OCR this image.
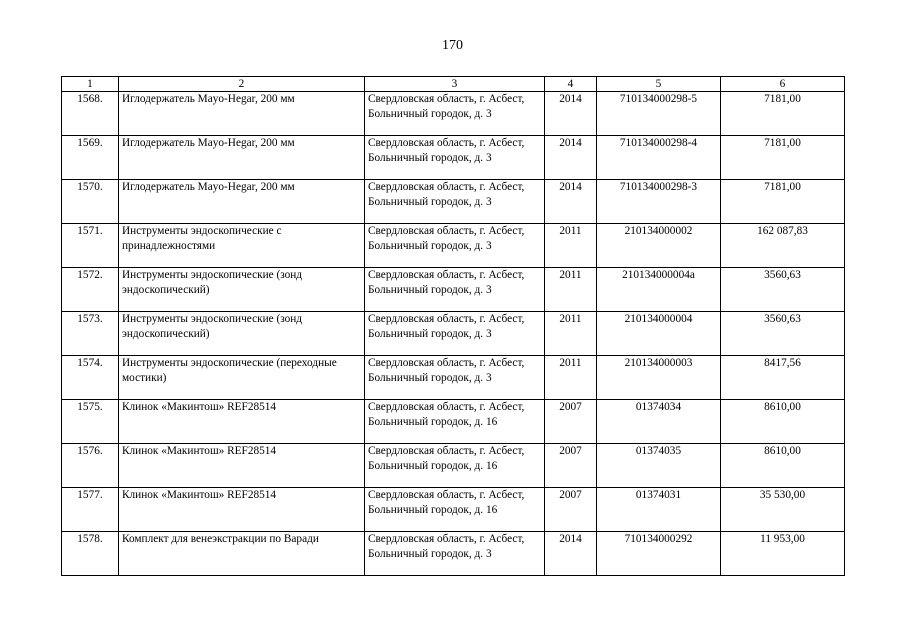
170
1	2	3	4	5	6
1568.	Иглодержатель Mayo-Hegar, 200 мм	Свердловская область, г. Асбест, Больничный городок, д. 3	2014	710134000298-5	7181,00
1569.	Иглодержатель Mayo-Hegar, 200 мм	Свердловская область, г. Асбест, Больничный городок, д. 3	2014	710134000298-4	7181,00
1570.	Иглодержатель Mayo-Hegar, 200 мм	Свердловская область, г. Асбест, Больничный городок, д. 3	2014	710134000298-3	7181,00
1571.	Инструменты эндоскопические с принадлежностями	Свердловская область, г. Асбест, Больничный городок, д. 3	2011	210134000002	162 087,83
1572.	Инструменты эндоскопические (зонд эндоскопический)	Свердловская область, г. Асбест, Больничный городок, д. 3	2011	210134000004а	3560,63
1573.	Инструменты эндоскопические (зонд эндоскопический)	Свердловская область, г. Асбест, Больничный городок, д. 3	2011	210134000004	3560,63
1574.	Инструменты эндоскопические (переходные мостики)	Свердловская область, г. Асбест, Больничный городок, д. 3	2011	210134000003	8417,56
1575.	Клинок «Макинтош» REF28514	Свердловская область, г. Асбест, Больничный городок, д. 16	2007	01374034	8610,00
1576.	Клинок «Макинтош» REF28514	Свердловская область, г. Асбест, Больничный городок, д. 16	2007	01374035	8610,00
1577.	Клинок «Макинтош» REF28514	Свердловская область, г. Асбест, Больничный городок, д. 16	2007	01374031	35 530,00
1578.	Комплект для венеэкстракции по Варади	Свердловская область, г. Асбест, Больничный городок, д. 3	2014	710134000292	11 953,00
